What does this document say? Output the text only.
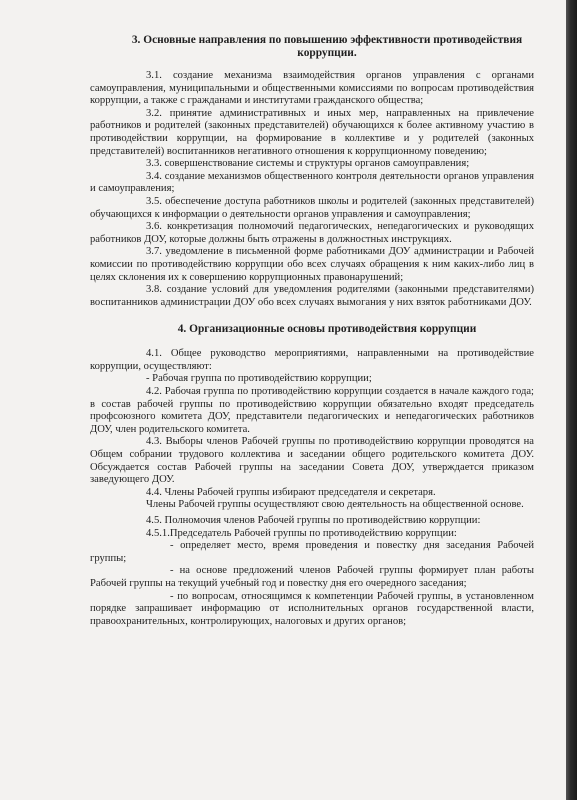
3. Основные направления по повышению эффективности противодействия коррупции.

3.1. создание механизма взаимодействия органов управления с органами самоуправления, муниципальными и общественными комиссиями по вопросам противодействия коррупции, а также с гражданами и институтами гражданского общества;

3.2. принятие административных и иных мер, направленных на привлечение работников и родителей (законных представителей) обучающихся к более активному участию в противодействии коррупции, на формирование в коллективе и у родителей (законных представителей) воспитанников негативного отношения к коррупционному поведению;

3.3. совершенствование системы и структуры органов самоуправления;

3.4. создание механизмов общественного контроля деятельности органов управления и самоуправления;

3.5. обеспечение доступа работников школы и родителей (законных представителей) обучающихся к информации о деятельности органов управления и самоуправления;

3.6. конкретизация полномочий педагогических, непедагогических и руководящих работников ДОУ, которые должны быть отражены в должностных инструкциях.

3.7. уведомление в письменной форме работниками ДОУ администрации и Рабочей комиссии по противодействию коррупции обо всех случаях обращения к ним каких-либо лиц в целях склонения их к совершению коррупционных правонарушений;

3.8. создание условий для уведомления родителями (законными представителями) воспитанников администрации ДОУ обо всех случаях вымогания у них взяток работниками ДОУ.

4. Организационные основы противодействия коррупции

4.1. Общее руководство мероприятиями, направленными на противодействие коррупции, осуществляют:

- Рабочая группа по противодействию коррупции;

4.2. Рабочая группа по противодействию коррупции создается в начале каждого года; в состав рабочей группы по противодействию коррупции обязательно входят председатель профсоюзного комитета ДОУ, представители педагогических и непедагогических работников ДОУ, член родительского комитета.

4.3. Выборы членов Рабочей группы по противодействию коррупции проводятся на Общем собрании трудового коллектива и заседании общего родительского комитета ДОУ. Обсуждается состав Рабочей группы на заседании Совета ДОУ, утверждается приказом заведующего ДОУ.

4.4. Члены Рабочей группы избирают председателя и секретаря.

Члены Рабочей группы осуществляют свою деятельность на общественной основе.

4.5. Полномочия членов Рабочей группы по противодействию коррупции:

4.5.1.Председатель Рабочей группы по противодействию коррупции:

- определяет место, время проведения и повестку дня заседания Рабочей группы;

- на основе предложений членов Рабочей группы формирует план работы Рабочей группы на текущий учебный год и повестку дня его очередного заседания;

- по вопросам, относящимся к компетенции Рабочей группы, в установленном порядке запрашивает информацию от исполнительных органов государственной власти, правоохранительных, контролирующих, налоговых и других органов;
